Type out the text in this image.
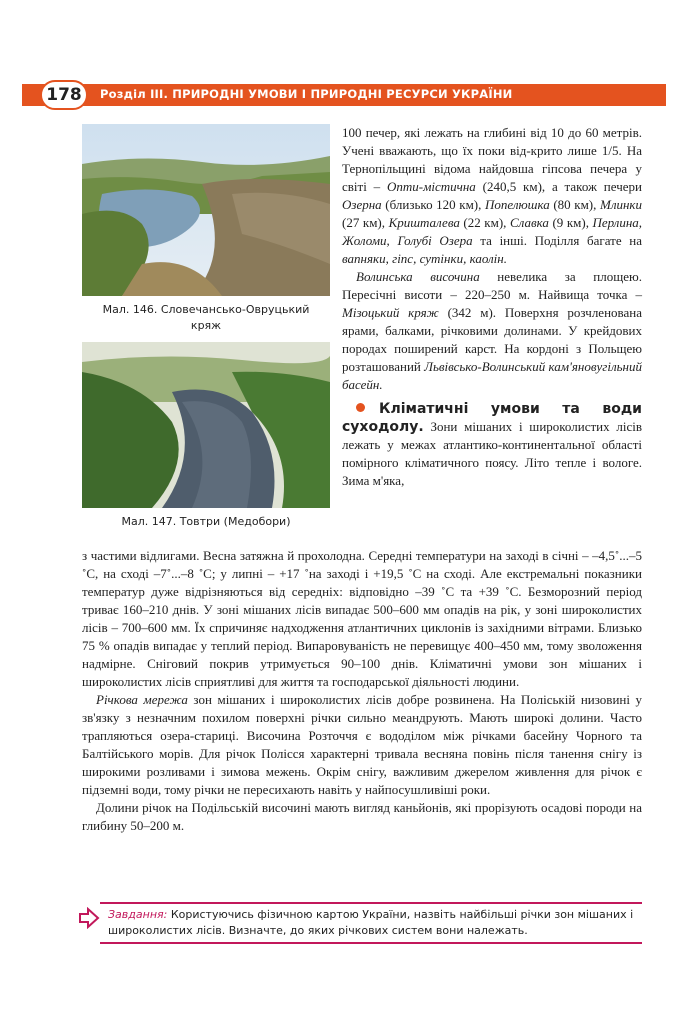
178	Розділ ІІІ. ПРИРОДНІ УМОВИ І ПРИРОДНІ РЕСУРСИ УКРАЇНИ
Мал. 146. Словечансько-Овруцький
кряж
Мал. 147. Товтри (Медобори)

100 печер, які лежать на глибині від 10 до 60 метрів. Учені вважають, що їх поки від-крито лише 1/5. На Тернопільщині відома найдовша гіпсова печера у світі – Опти-містична (240,5 км), а також печери Озерна (близько 120 км), Попелюшка (80 км), Млинки (27 км), Кришталева (22 км), Славка (9 км), Перлина, Жоломи, Голубі Озера та інші. Поділля багате на вапняки, гіпс, сутінки, каолін.

Волинська височина невелика за площею. Пересічні висоти – 220–250 м. Найвища точка – Мізоцький кряж (342 м). Поверхня розчленована ярами, балками, річковими долинами. У крейдових породах поширений карст. На кордоні з Польщею розташований Львівсько-Волинський кам'яновугільний басейн.

Кліматичні умови та води суходолу. Зони мішаних і широколистих лісів лежать у межах атлантико-континентальної області помірного кліматичного поясу. Літо тепле і вологе. Зима м'яка,

з частими відлигами. Весна затяжна й прохолодна. Середні температури на заході в січні – –4,5˚...–5 ˚С, на сході –7˚...–8 ˚С; у липні – +17 ˚на заході і +19,5 ˚С на сході. Але екстремальні показники температур дуже відрізняються від середніх: відповідно –39 ˚С та +39 ˚С. Безморозний період триває 160–210 днів. У зоні мішаних лісів випадає 500–600 мм опадів на рік, у зоні широколистих лісів – 700–600 мм. Їх спричиняє надходження атлантичних циклонів із західними вітрами. Близько 75 % опадів випадає у теплий період. Випаровуваність не перевищує 400–450 мм, тому зволоження надмірне. Сніговий покрив утримується 90–100 днів. Кліматичні умови зон мішаних і широколистих лісів сприятливі для життя та господарської діяльності людини.

Річкова мережа зон мішаних і широколистих лісів добре розвинена. На Поліській низовині у зв'язку з незначним похилом поверхні річки сильно меандрують. Мають широкі долини. Часто трапляються озера-стариці. Височина Розточчя є вододілом між річками басейну Чорного та Балтійського морів. Для річок Полісся характерні тривала весняна повінь після танення снігу із широкими розливами і зимова межень. Окрім снігу, важливим джерелом живлення для річок є підземні води, тому річки не пересихають навіть у найпосушливіші роки.

Долини річок на Подільській височині мають вигляд каньйонів, які прорізують осадові породи на глибину 50–200 м.

Завдання: Користуючись фізичною картою України, назвіть найбільші річки зон мішаних і широколистих лісів. Визначте, до яких річкових систем вони належать.
